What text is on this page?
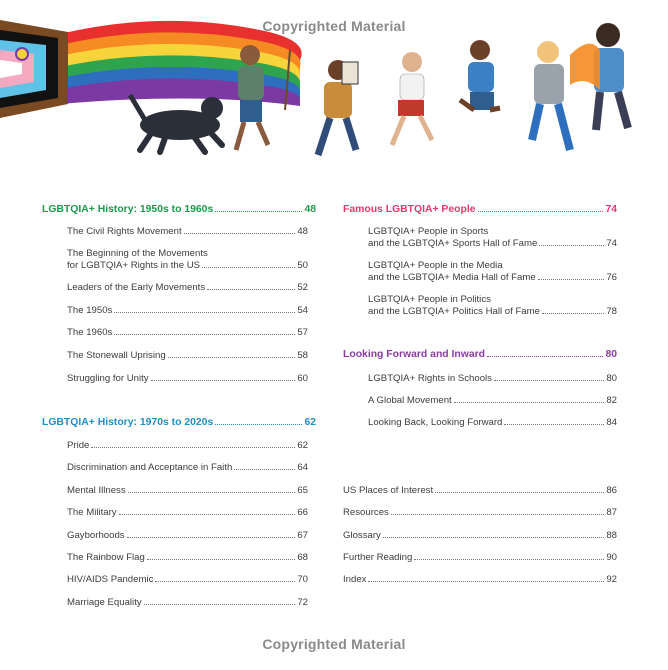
Copyrighted Material
LGBTQIA+ History: 1950s to 1960s	48
The Civil Rights Movement	48
The Beginning of the Movements
for LGBTQIA+ Rights in the US	50
Leaders of the Early Movements	52
The 1950s	54
The 1960s	57
The Stonewall Uprising	58
Struggling for Unity	60
LGBTQIA+ History: 1970s to 2020s	62
Pride	62
Discrimination and Acceptance in Faith	64
Mental Illness	65
The Military	66
Gayborhoods	67
The Rainbow Flag	68
HIV/AIDS Pandemic	70
Marriage Equality	72
Famous LGBTQIA+ People	74
LGBTQIA+ People in Sports
and the LGBTQIA+ Sports Hall of Fame	74
LGBTQIA+ People in the Media
and the LGBTQIA+ Media Hall of Fame	76
LGBTQIA+ People in Politics
and the LGBTQIA+ Politics Hall of Fame	78
Looking Forward and Inward	80
LGBTQIA+ Rights in Schools	80
A Global Movement	82
Looking Back, Looking Forward	84
US Places of Interest	86
Resources	87
Glossary	88
Further Reading	90
Index	92
Copyrighted Material
